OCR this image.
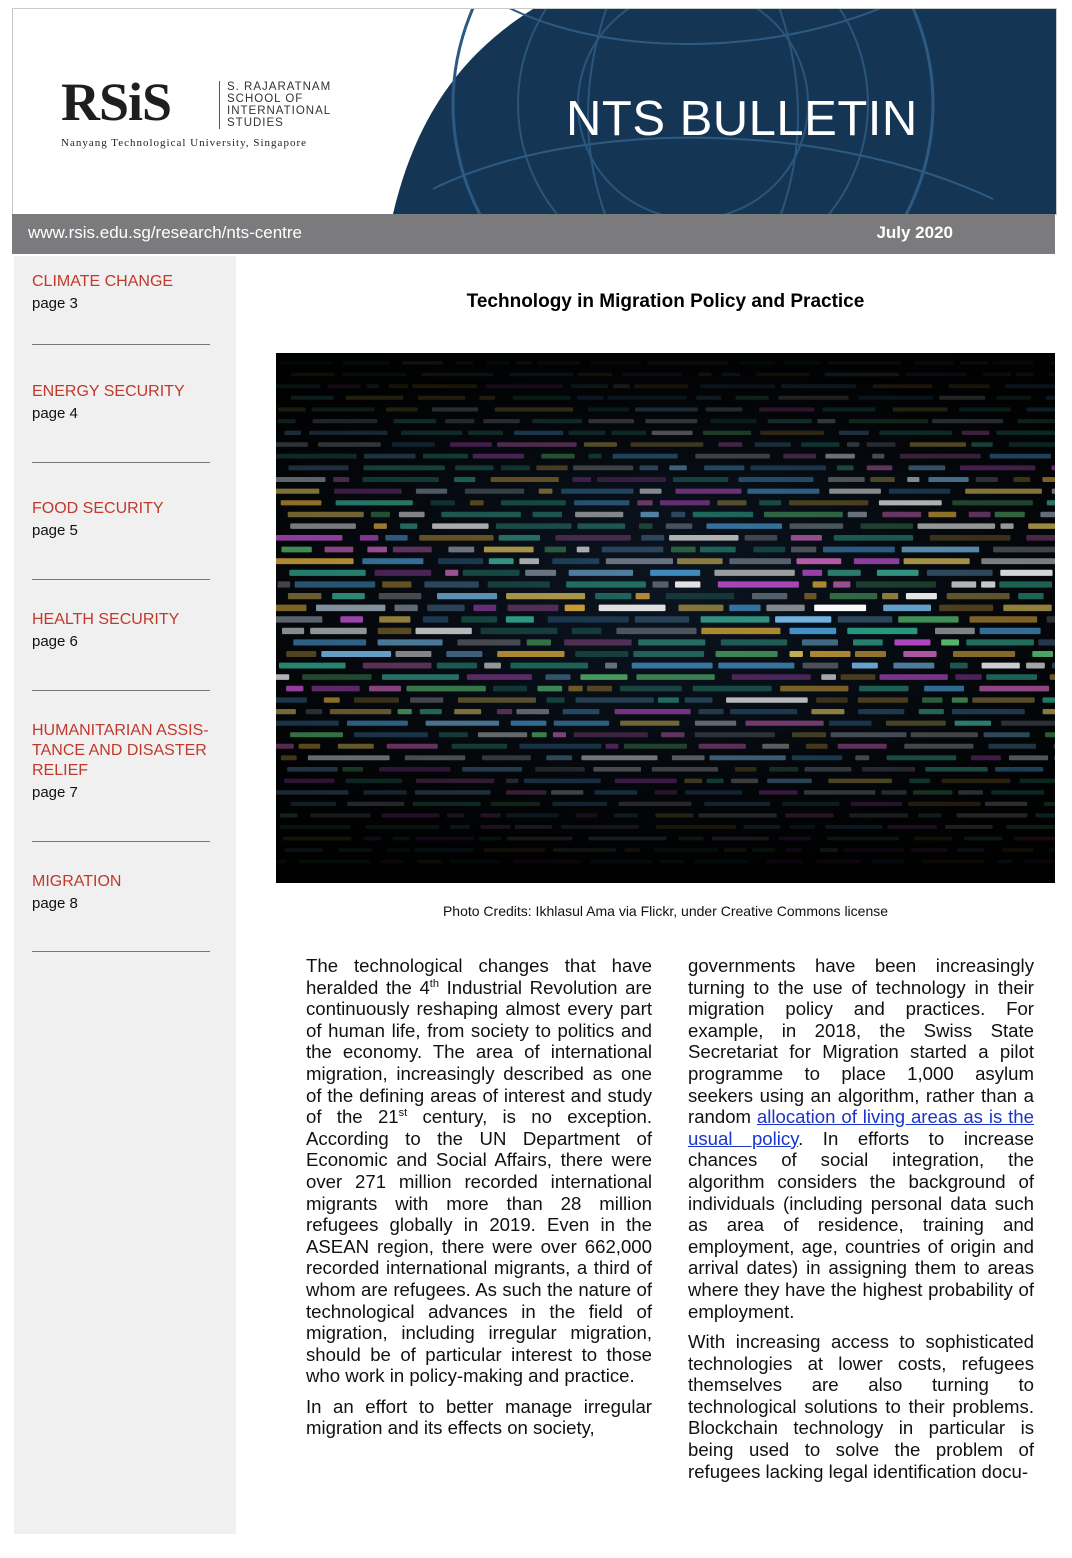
RSiS	S. RAJARATNAM
SCHOOL OF
INTERNATIONAL
STUDIES
Nanyang Technological University, Singapore	NTS BULLETIN
www.rsis.edu.sg/research/nts-centre	July 2020
CLIMATE CHANGE
page 3
ENERGY SECURITY
page 4
FOOD SECURITY
page 5
HEALTH SECURITY
page 6
HUMANITARIAN ASSIS-
TANCE AND DISASTER
RELIEF
page 7
MIGRATION
page 8
Technology in Migration Policy and Practice
Photo Credits: Ikhlasul Ama via Flickr, under Creative Commons license

The technological changes that have heralded the 4th Industrial Revolution are continuously reshaping almost every part of human life, from society to politics and the economy. The area of international migration, increasingly described as one of the defining areas of interest and study of the 21st century, is no exception. According to the UN Department of Economic and Social Affairs, there were over 271 million recorded international migrants with more than 28 million refugees globally in 2019. Even in the ASEAN region, there were over 662,000 recorded international migrants, a third of whom are refugees. As such the nature of technological advances in the field of migration, including irregular migration, should be of particular interest to those who work in policy-making and practice.

In an effort to better manage irregular migration and its effects on society,

governments have been increasingly turning to the use of technology in their migration policy and practices. For example, in 2018, the Swiss State Secretariat for Migration started a pilot programme to place 1,000 asylum seekers using an algorithm, rather than a random allocation of living areas as is the usual policy. In efforts to increase chances of social integration, the algorithm considers the background of individuals (including personal data such as area of residence, training and employment, age, countries of origin and arrival dates) in assigning them to areas where they have the highest probability of employment.

With increasing access to sophisticated technologies at lower costs, refugees themselves are also turning to technological solutions to their problems. Blockchain technology in particular is being used to solve the problem of refugees lacking legal identification docu-
